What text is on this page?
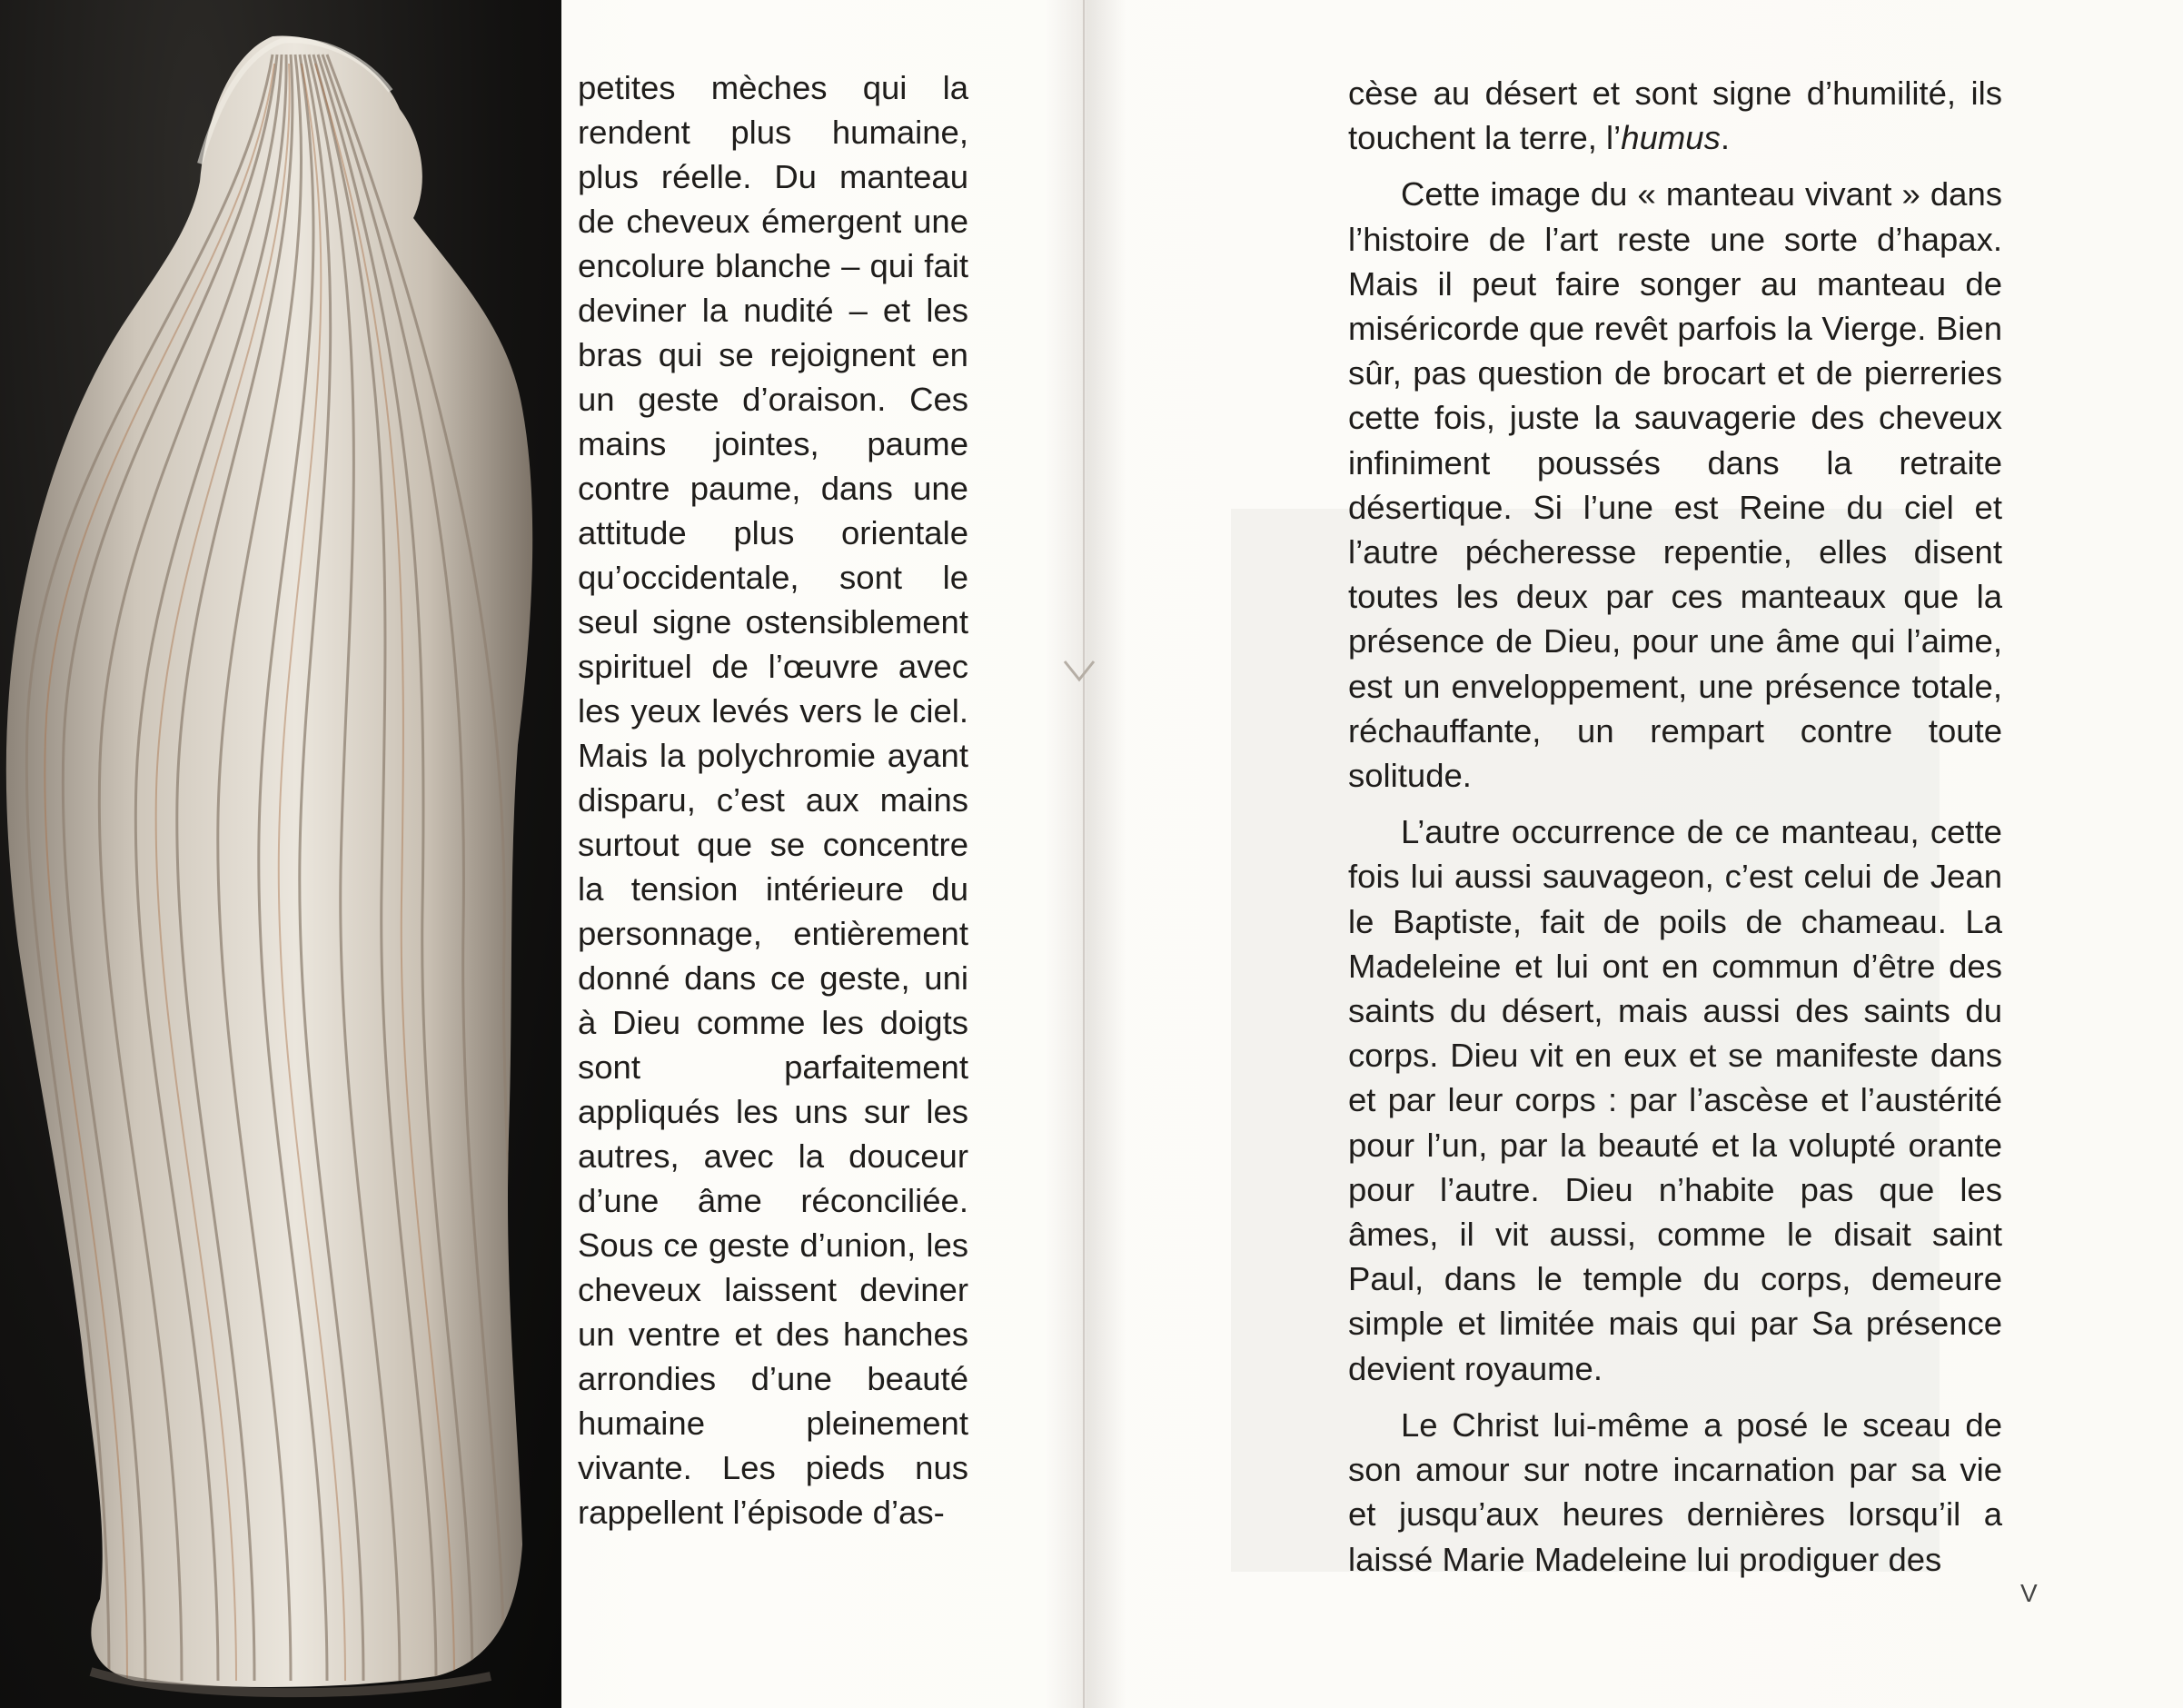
petites mèches qui la rendent plus humaine, plus réelle. Du manteau de cheveux émergent une encolure blanche – qui fait deviner la nudité – et les bras qui se rejoignent en un geste d’oraison. Ces mains jointes, paume contre paume, dans une attitude plus orientale qu’occidentale, sont le seul signe ostensiblement spirituel de l’œuvre avec les yeux levés vers le ciel. Mais la polychromie ayant disparu, c’est aux mains surtout que se concentre la tension intérieure du personnage, entièrement donné dans ce geste, uni à Dieu comme les doigts sont parfaitement appliqués les uns sur les autres, avec la douceur d’une âme réconciliée. Sous ce geste d’union, les cheveux laissent deviner un ventre et des hanches arrondies d’une beauté humaine pleinement vivante. Les pieds nus rappellent l’épisode d’as-

cèse au désert et sont signe d’humilité, ils touchent la terre, l’humus.

Cette image du « manteau vivant » dans l’histoire de l’art reste une sorte d’hapax. Mais il peut faire songer au manteau de miséricorde que revêt parfois la Vierge. Bien sûr, pas question de brocart et de pierreries cette fois, juste la sauvagerie des cheveux infiniment poussés dans la retraite désertique. Si l’une est Reine du ciel et l’autre pécheresse repentie, elles disent toutes les deux par ces manteaux que la présence de Dieu, pour une âme qui l’aime, est un enveloppement, une présence totale, réchauffante, un rempart contre toute solitude.

L’autre occurrence de ce manteau, cette fois lui aussi sauvageon, c’est celui de Jean le Baptiste, fait de poils de chameau. La Madeleine et lui ont en commun d’être des saints du désert, mais aussi des saints du corps. Dieu vit en eux et se manifeste dans et par leur corps : par l’ascèse et l’austérité pour l’un, par la beauté et la volupté orante pour l’autre. Dieu n’habite pas que les âmes, il vit aussi, comme le disait saint Paul, dans le temple du corps, demeure simple et limitée mais qui par Sa présence devient royaume.

Le Christ lui-même a posé le sceau de son amour sur notre incarnation par sa vie et jusqu’aux heures dernières lorsqu’il a laissé Marie Madeleine lui prodiguer des

V
